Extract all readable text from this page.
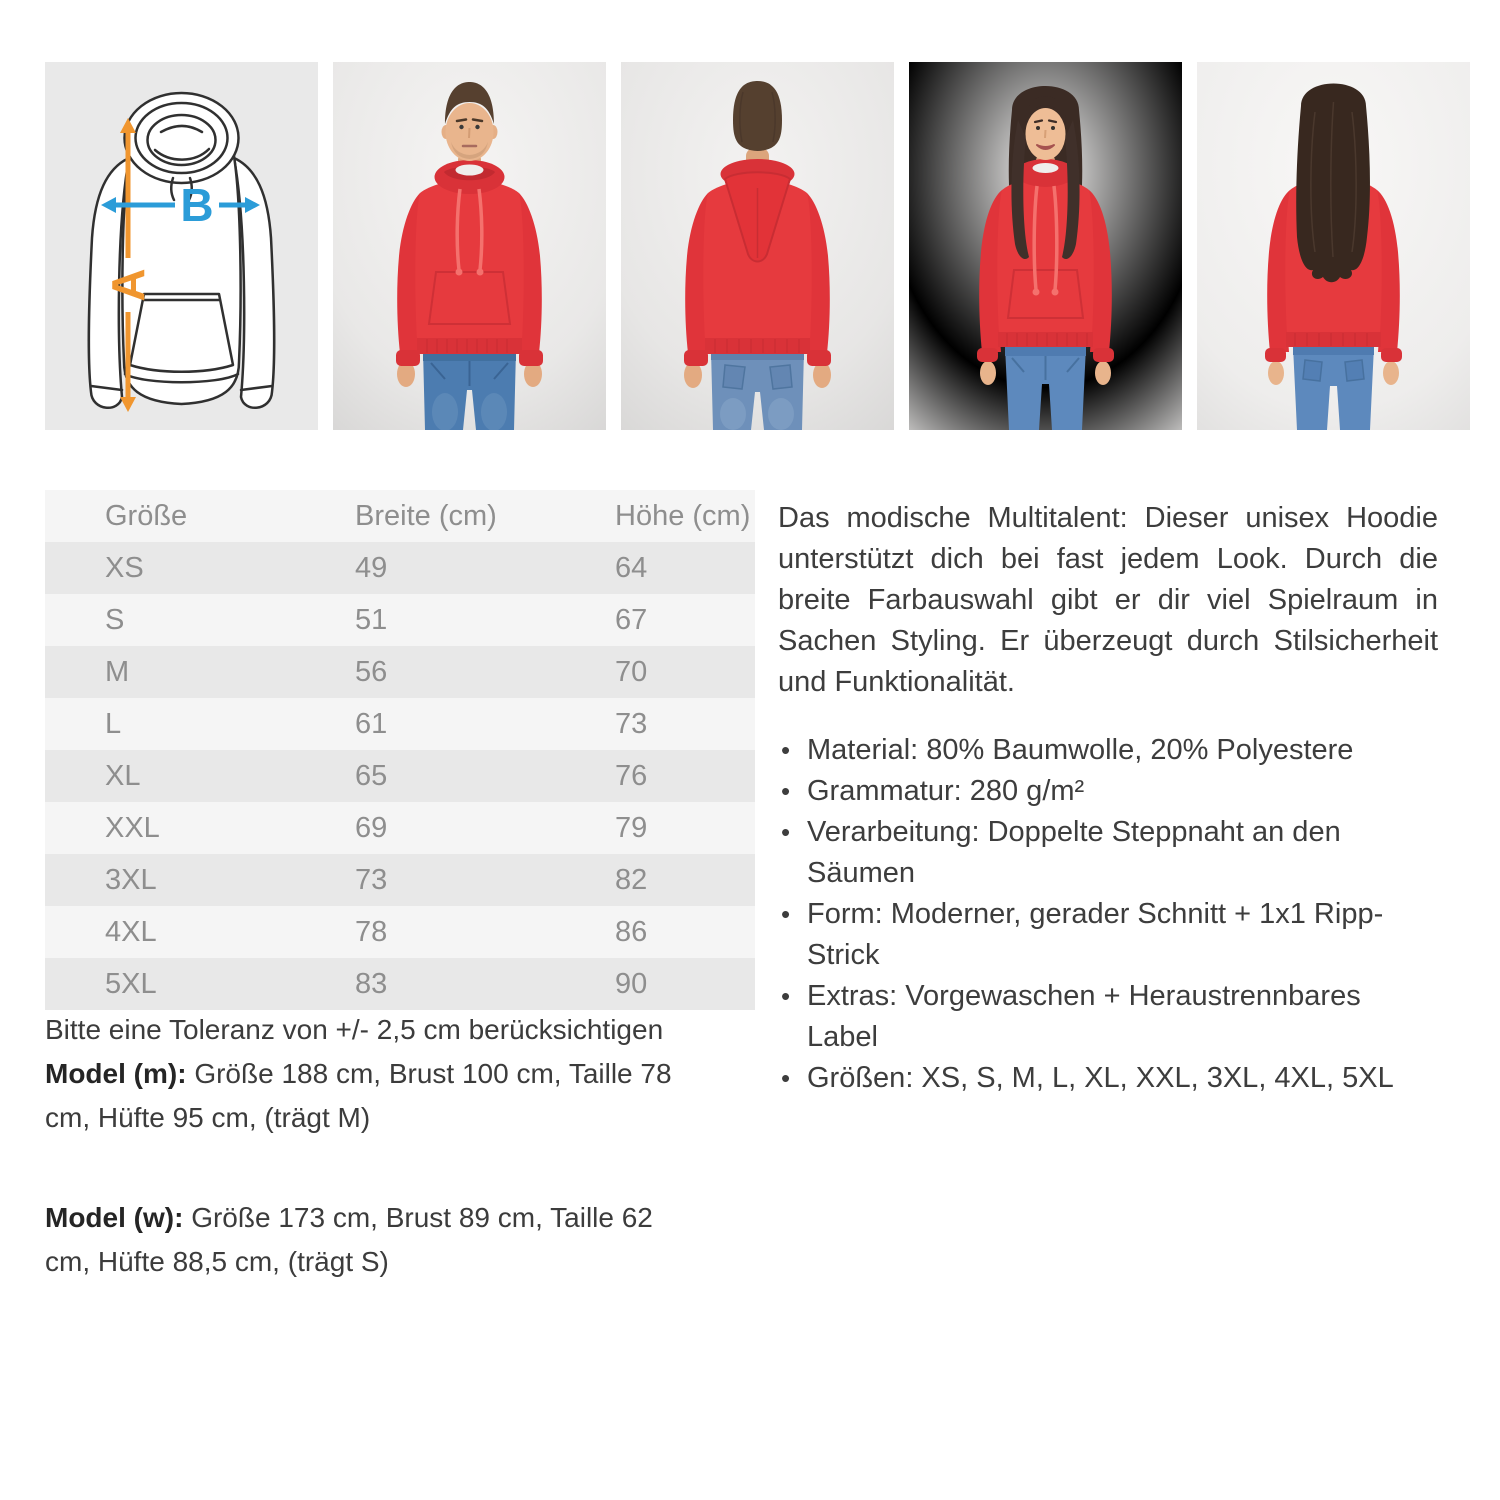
A
B
Größe	Breite (cm)	Höhe (cm)
XS	49	64
S	51	67
M	56	70
L	61	73
XL	65	76
XXL	69	79
3XL	73	82
4XL	78	86
5XL	83	90

Bitte eine Toleranz von +/- 2,5 cm berücksichtigen

Model (m): Größe 188 cm, Brust 100 cm, Taille 78 cm, Hüfte 95 cm, (trägt M)

Model (w): Größe 173 cm, Brust 89 cm, Taille 62 cm, Hüfte 88,5 cm, (trägt S)

Das modische Multitalent: Dieser unisex Hoodie unterstützt dich bei fast jedem Look. Durch die breite Farbauswahl gibt er dir viel Spielraum in Sachen Styling. Er überzeugt durch Stilsicherheit und Funktionalität.

• Material: 80% Baumwolle, 20% Polyestere
• Grammatur: 280 g/m²
• Verarbeitung: Doppelte Steppnaht an den Säumen
• Form: Moderner, gerader Schnitt + 1x1 Ripp-Strick
• Extras: Vorgewaschen + Heraustrennbares Label
• Größen: XS, S, M, L, XL, XXL, 3XL, 4XL, 5XL
